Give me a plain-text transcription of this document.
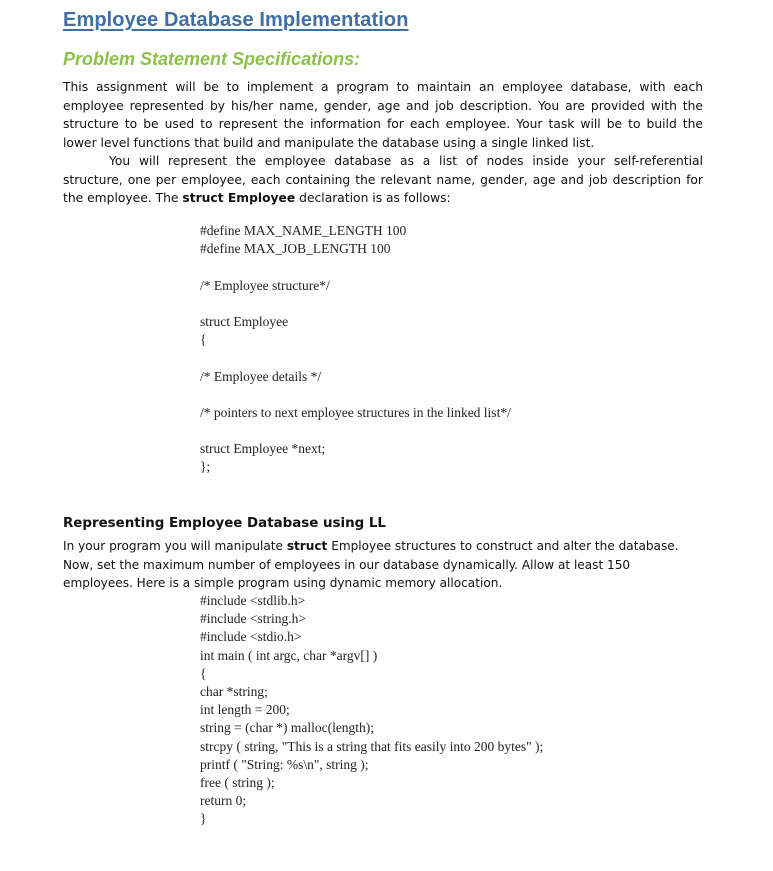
Employee Database Implementation
Problem Statement Specifications:
This assignment will be to implement a program to maintain an employee database, with each employee represented by his/her name, gender, age and job description. You are provided with the structure to be used to represent the information for each employee. Your task will be to build the lower level functions that build and manipulate the database using a single linked list.
You will represent the employee database as a list of nodes inside your self-referential structure, one per employee, each containing the relevant name, gender, age and job description for the employee. The struct Employee declaration is as follows:
#define MAX_NAME_LENGTH 100
#define MAX_JOB_LENGTH 100
/* Employee structure*/
struct Employee
{
/* Employee details */
/* pointers to next employee structures in the linked list*/
struct Employee *next;
};
Representing Employee Database using LL
In your program you will manipulate struct Employee structures to construct and alter the database.
Now, set the maximum number of employees in our database dynamically. Allow at least 150
employees. Here is a simple program using dynamic memory allocation.
#include <stdlib.h>
#include <string.h>
#include <stdio.h>
int main ( int argc, char *argv[] )
{
char *string;
int length = 200;
string = (char *) malloc(length);
strcpy ( string, "This is a string that fits easily into 200 bytes" );
printf ( "String: %s\n", string );
free ( string );
return 0;
}
